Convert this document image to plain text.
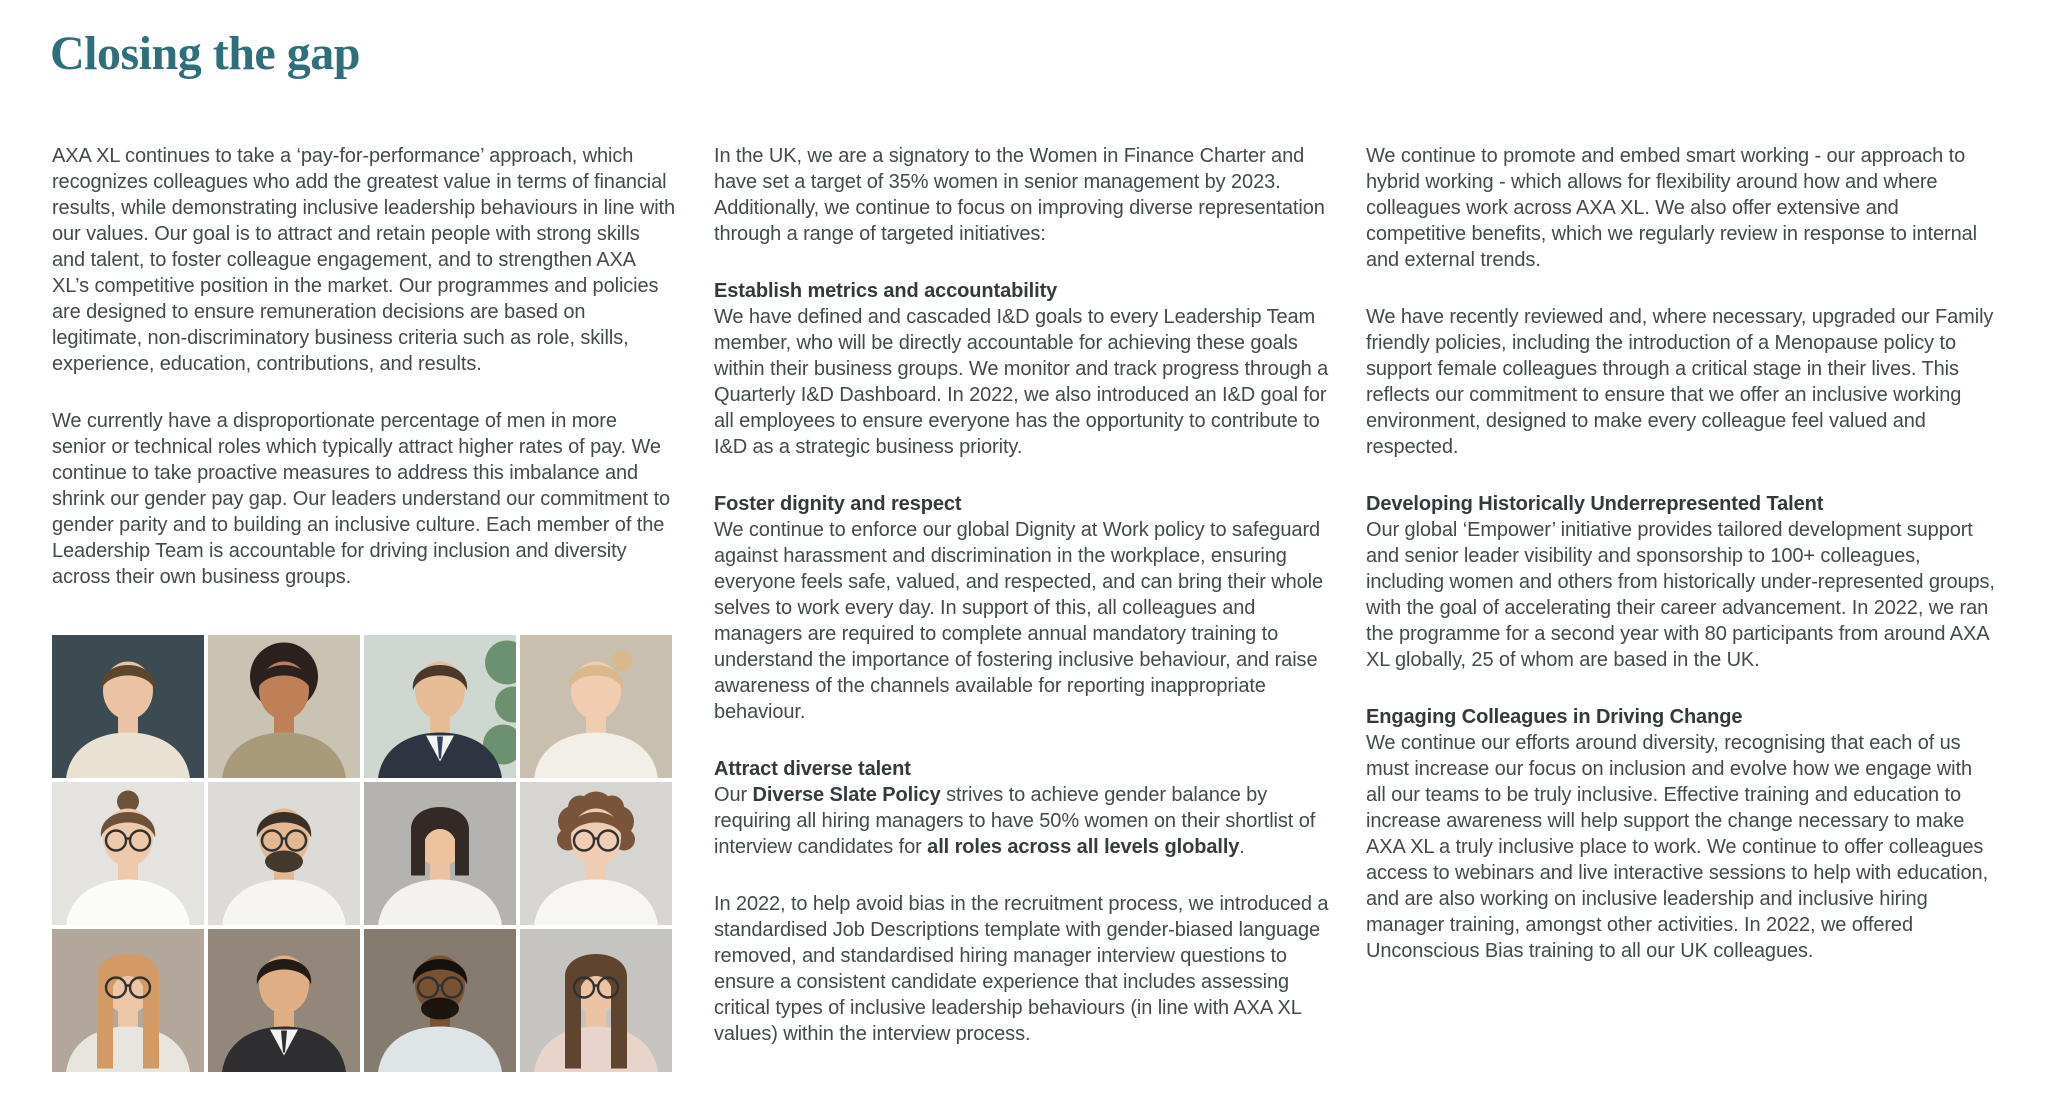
Closing the gap

AXA XL continues to take a ‘pay-for-performance’ approach, which recognizes colleagues who add the greatest value in terms of financial results, while demonstrating inclusive leadership behaviours in line with our values. Our goal is to attract and retain people with strong skills and talent, to foster colleague engagement, and to strengthen AXA XL’s competitive position in the market. Our programmes and policies are designed to ensure remuneration decisions are based on legitimate, non-discriminatory business criteria such as role, skills, experience, education, contributions, and results.

We currently have a disproportionate percentage of men in more senior or technical roles which typically attract higher rates of pay. We continue to take proactive measures to address this imbalance and shrink our gender pay gap. Our leaders understand our commitment to gender parity and to building an inclusive culture. Each member of the Leadership Team is accountable for driving inclusion and diversity across their own business groups.

In the UK, we are a signatory to the Women in Finance Charter and have set a target of 35% women in senior management by 2023. Additionally, we continue to focus on improving diverse representation through a range of targeted initiatives:

Establish metrics and accountability

We have defined and cascaded I&D goals to every Leadership Team member, who will be directly accountable for achieving these goals within their business groups. We monitor and track progress through a Quarterly I&D Dashboard. In 2022, we also introduced an I&D goal for all employees to ensure everyone has the opportunity to contribute to I&D as a strategic business priority.

Foster dignity and respect

We continue to enforce our global Dignity at Work policy to safeguard against harassment and discrimination in the workplace, ensuring everyone feels safe, valued, and respected, and can bring their whole selves to work every day. In support of this, all colleagues and managers are required to complete annual mandatory training to understand the importance of fostering inclusive behaviour, and raise awareness of the channels available for reporting inappropriate behaviour.

Attract diverse talent

Our Diverse Slate Policy strives to achieve gender balance by requiring all hiring managers to have 50% women on their shortlist of interview candidates for all roles across all levels globally.

In 2022, to help avoid bias in the recruitment process, we introduced a standardised Job Descriptions template with gender-biased language removed, and standardised hiring manager interview questions to ensure a consistent candidate experience that includes assessing critical types of inclusive leadership behaviours (in line with AXA XL values) within the interview process.

We continue to promote and embed smart working - our approach to hybrid working - which allows for flexibility around how and where colleagues work across AXA XL. We also offer extensive and competitive benefits, which we regularly review in response to internal and external trends.

We have recently reviewed and, where necessary, upgraded our Family friendly policies, including the introduction of a Menopause policy to support female colleagues through a critical stage in their lives. This reflects our commitment to ensure that we offer an inclusive working environment, designed to make every colleague feel valued and respected.

Developing Historically Underrepresented Talent

Our global ‘Empower’ initiative provides tailored development support and senior leader visibility and sponsorship to 100+ colleagues, including women and others from historically under-represented groups, with the goal of accelerating their career advancement. In 2022, we ran the programme for a second year with 80 participants from around AXA XL globally, 25 of whom are based in the UK.

Engaging Colleagues in Driving Change

We continue our efforts around diversity, recognising that each of us must increase our focus on inclusion and evolve how we engage with all our teams to be truly inclusive. Effective training and education to increase awareness will help support the change necessary to make AXA XL a truly inclusive place to work. We continue to offer colleagues access to webinars and live interactive sessions to help with education, and are also working on inclusive leadership and inclusive hiring manager training, amongst other activities. In 2022, we offered Unconscious Bias training to all our UK colleagues.
